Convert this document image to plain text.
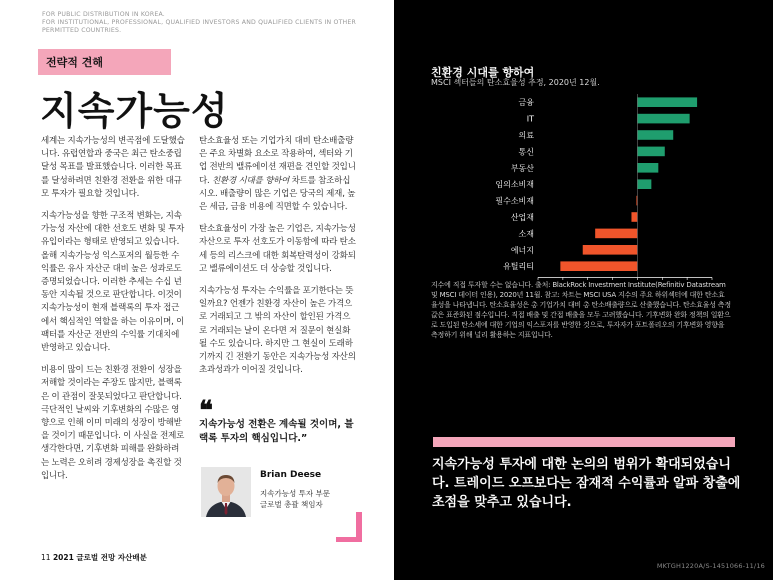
FOR PUBLIC DISTRIBUTION IN KOREA.
FOR INSTITUTIONAL, PROFESSIONAL, QUALIFIED INVESTORS AND QUALIFIED CLIENTS IN OTHER
PERMITTED COUNTRIES.
전략적 견해
지속가능성

세계는 지속가능성의 변곡점에 도달했습니다. 유럽연합과 중국은 최근 탄소중립 달성 목표를 발표했습니다. 이러한 목표를 달성하려면 친환경 전환을 위한 대규모 투자가 필요할 것입니다.

지속가능성을 향한 구조적 변화는, 지속가능성 자산에 대한 선호도 변화 및 투자 유입이라는 형태로 반영되고 있습니다. 올해 지속가능성 익스포저의 월등한 수익률은 유사 자산군 대비 높은 성과로도 증명되었습니다. 이러한 추세는 수십 년 동안 지속될 것으로 판단합니다. 이것이 지속가능성이 현재 블랙록의 투자 접근에서 핵심적인 역할을 하는 이유이며, 이 팩터를 자산군 전반의 수익률 기대치에 반영하고 있습니다.

비용이 많이 드는 친환경 전환이 성장을 저해할 것이라는 주장도 많지만, 블랙록은 이 관점이 잘못되었다고 판단합니다. 극단적인 날씨와 기후변화의 수많은 영향으로 인해 이미 미래의 성장이 방해받을 것이기 때문입니다. 이 사실을 전제로 생각한다면, 기후변화 피해를 완화하려는 노력은 오히려 경제성장을 촉진할 것입니다.

탄소효율성 또는 기업가치 대비 탄소배출량은 주요 차별화 요소로 작용하여, 섹터와 기업 전반의 밸류에이션 재편을 견인할 것입니다. 친환경 시대를 향하여 차트를 참조하십시오. 배출량이 많은 기업은 당국의 제재, 높은 세금, 금융 비용에 직면할 수 있습니다.

탄소효율성이 가장 높은 기업은, 지속가능성 자산으로 투자 선호도가 이동함에 따라 탄소세 등의 리스크에 대한 회복탄력성이 강화되고 밸류에이션도 더 상승할 것입니다.

지속가능성 투자는 수익률을 포기한다는 뜻일까요? 언젠가 친환경 자산이 높은 가격으로 거래되고 그 밖의 자산이 할인된 가격으로 거래되는 날이 온다면 저 질문이 현실화될 수도 있습니다. 하지만 그 현실이 도래하기까지 긴 전환기 동안은 지속가능성 자산의 초과성과가 이어질 것입니다.

❝
지속가능성 전환은 계속될 것이며, 블랙록 투자의 핵심입니다.”
Brian Deese
지속가능성 투자 부문
글로벌 총괄 책임자
11 2021 글로벌 전망 자산배분
친환경 시대를 향하여
MSCI 섹터들의 탄소효율성 추정, 2020년 12월.
금융
IT
의료
통신
부동산
임의소비재
필수소비재
산업재
소재
에너지
유틸리티
지수에 직접 투자할 수는 없습니다. 출처: BlackRock Investment Institute(Refinitiv Datastream 및 MSCI 데이터 인용), 2020년 11월. 참고: 차트는 MSCI USA 지수의 주요 하위섹터에 대한 탄소효율성을 나타냅니다. 탄소효율성은 총 기업가치 대비 총 탄소배출량으로 산출했습니다. 탄소효율성 측정값은 표준화된 점수입니다. 직접 배출 및 간접 배출을 모두 고려했습니다. 기후변화 완화 정책의 일환으로 도입된 탄소세에 대한 기업의 익스포저를 반영한 것으로, 투자자가 포트폴리오의 기후변화 영향을 측정하기 위해 널리 활용하는 지표입니다.
지속가능성 투자에 대한 논의의 범위가 확대되었습니다. 트레이드 오프보다는 잠재적 수익률과 알파 창출에 초점을 맞추고 있습니다.
MKTGH1220A/S-1451066-11/16
